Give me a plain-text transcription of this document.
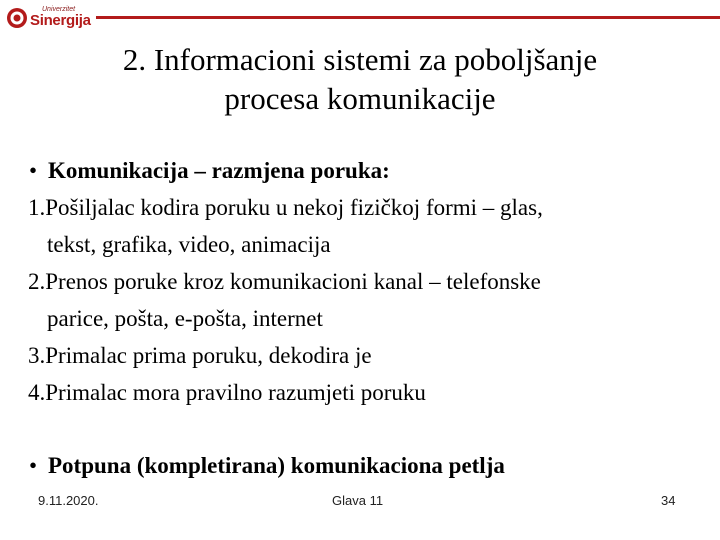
Univerzitet
Sinergija
2. Informacioni sistemi za poboljšanje
procesa komunikacije
• Komunikacija – razmjena poruka:
1.Pošiljalac kodira poruku u nekoj fizičkoj formi – glas,
tekst, grafika, video, animacija
2.Prenos poruke kroz komunikacioni kanal – telefonske
parice, pošta, e-pošta, internet
3.Primalac prima poruku, dekodira je
4.Primalac mora pravilno razumjeti poruku
• Potpuna (kompletirana) komunikaciona petlja
9.11.2020.	Glava 11	34
